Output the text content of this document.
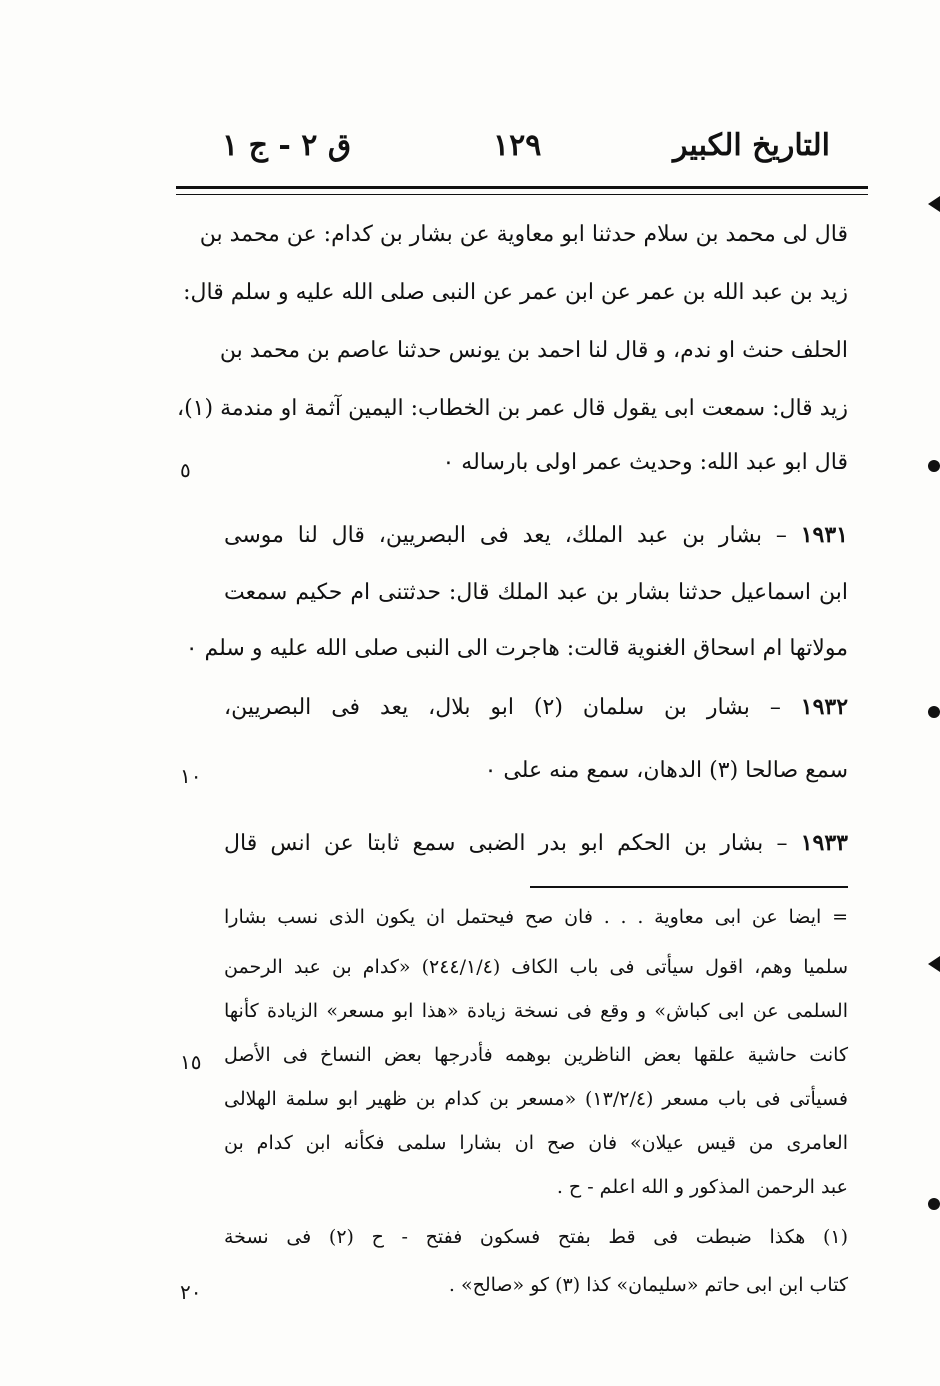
التاريخ الكبير
١٢٩
ق ٢ - ج ١
قال لى محمد بن سلام حدثنا ابو معاوية عن بشار بن كدام: عن محمد بن
زيد بن عبد الله بن عمر عن ابن عمر عن النبى صلى الله عليه و سلم قال:
الحلف حنث او ندم، و قال لنا احمد بن يونس حدثنا عاصم بن محمد بن
زيد قال: سمعت ابى يقول قال عمر بن الخطاب: اليمين آثمة او مندمة (١)،
قال ابو عبد الله: وحديث عمر اولى بارساله ٠
١٩٣١ – بشار بن عبد الملك، يعد فى البصريين، قال لنا موسى
ابن اسماعيل حدثنا بشار بن عبد الملك قال: حدثتنى ام حكيم سمعت
مولاتها ام اسحاق الغنوية قالت: هاجرت الى النبى صلى الله عليه و سلم ٠
١٩٣٢ – بشار بن سلمان (٢) ابو بلال، يعد فى البصريين،
سمع صالحا (٣) الدهان، سمع منه على ٠
١٩٣٣ – بشار بن الحكم ابو بدر الضبى سمع ثابتا عن انس قال
= ايضا عن ابى معاوية . . . فان صح فيحتمل ان يكون الذى نسب بشارا
سلميا وهم، اقول سيأتى فى باب الكاف (٢٤٤/١/٤) «كدام بن عبد الرحمن
السلمى عن ابى كباش» و وقع فى نسخة زيادة «هذا ابو مسعر» الزيادة كأنها
كانت حاشية علقها بعض الناظرين بوهمه فأدرجها بعض النساخ فى الأصل
فسيأتى فى باب مسعر (١٣/٢/٤) «مسعر بن كدام بن ظهير ابو سلمة الهلالى
العامرى من قيس عيلان» فان صح ان بشارا سلمى فكأنه ابن كدام بن
عبد الرحمن المذكور و الله اعلم - ح .
(١) هكذا ضبطت فى قط بفتح فسكون ففتح - ح (٢) فى نسخة
كتاب ابن ابى حاتم «سليمان» كذا (٣) كو «صالح» .
٥
١٠
١٥
٢٠
